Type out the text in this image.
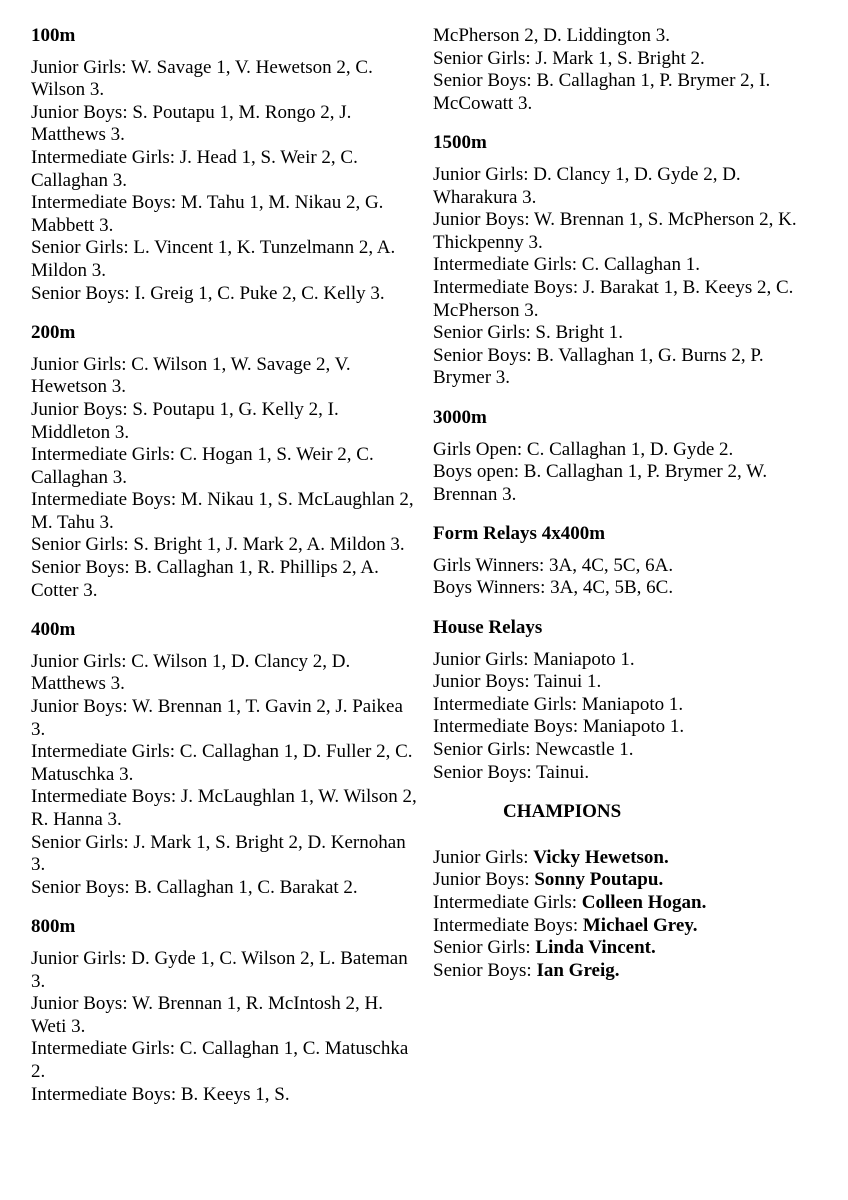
100m
Junior Girls: W. Savage 1, V. Hewetson 2, C. Wilson 3.
Junior Boys: S. Poutapu 1, M. Rongo 2, J. Matthews 3.
Intermediate Girls: J. Head 1, S. Weir 2, C. Callaghan 3.
Intermediate Boys: M. Tahu 1, M. Nikau 2, G. Mabbett 3.
Senior Girls: L. Vincent 1, K. Tunzelmann 2, A. Mildon 3.
Senior Boys: I. Greig 1, C. Puke 2, C. Kelly 3.
200m
Junior Girls: C. Wilson 1, W. Savage 2, V. Hewetson 3.
Junior Boys: S. Poutapu 1, G. Kelly 2, I. Middleton 3.
Intermediate Girls: C. Hogan 1, S. Weir 2, C. Callaghan 3.
Intermediate Boys: M. Nikau 1, S. McLaughlan 2, M. Tahu 3.
Senior Girls: S. Bright 1, J. Mark 2, A. Mildon 3.
Senior Boys: B. Callaghan 1, R. Phillips 2, A. Cotter 3.
400m
Junior Girls: C. Wilson 1, D. Clancy 2, D. Matthews 3.
Junior Boys: W. Brennan 1, T. Gavin 2, J. Paikea 3.
Intermediate Girls: C. Callaghan 1, D. Fuller 2, C. Matuschka 3.
Intermediate Boys: J. McLaughlan 1, W. Wilson 2, R. Hanna 3.
Senior Girls: J. Mark 1, S. Bright 2, D. Kernohan 3.
Senior Boys: B. Callaghan 1, C. Barakat 2.
800m
Junior Girls: D. Gyde 1, C. Wilson 2, L. Bateman 3.
Junior Boys: W. Brennan 1, R. McIntosh 2, H. Weti 3.
Intermediate Girls: C. Callaghan 1, C. Matuschka 2.
Intermediate Boys: B. Keeys 1, S.
McPherson 2, D. Liddington 3.
Senior Girls: J. Mark 1, S. Bright 2.
Senior Boys: B. Callaghan 1, P. Brymer 2, I. McCowatt 3.
1500m
Junior Girls: D. Clancy 1, D. Gyde 2, D. Wharakura 3.
Junior Boys: W. Brennan 1, S. McPherson 2, K. Thickpenny 3.
Intermediate Girls: C. Callaghan 1.
Intermediate Boys: J. Barakat 1, B. Keeys 2, C. McPherson 3.
Senior Girls: S. Bright 1.
Senior Boys: B. Vallaghan 1, G. Burns 2, P. Brymer 3.
3000m
Girls Open: C. Callaghan 1, D. Gyde 2.
Boys open: B. Callaghan 1, P. Brymer 2, W. Brennan 3.
Form Relays 4x400m
Girls Winners: 3A, 4C, 5C, 6A.
Boys Winners: 3A, 4C, 5B, 6C.
House Relays
Junior Girls: Maniapoto 1.
Junior Boys: Tainui 1.
Intermediate Girls: Maniapoto 1.
Intermediate Boys: Maniapoto 1.
Senior Girls: Newcastle 1.
Senior Boys: Tainui.
CHAMPIONS
Junior Girls: Vicky Hewetson.
Junior Boys: Sonny Poutapu.
Intermediate Girls: Colleen Hogan.
Intermediate Boys: Michael Grey.
Senior Girls: Linda Vincent.
Senior Boys: Ian Greig.
